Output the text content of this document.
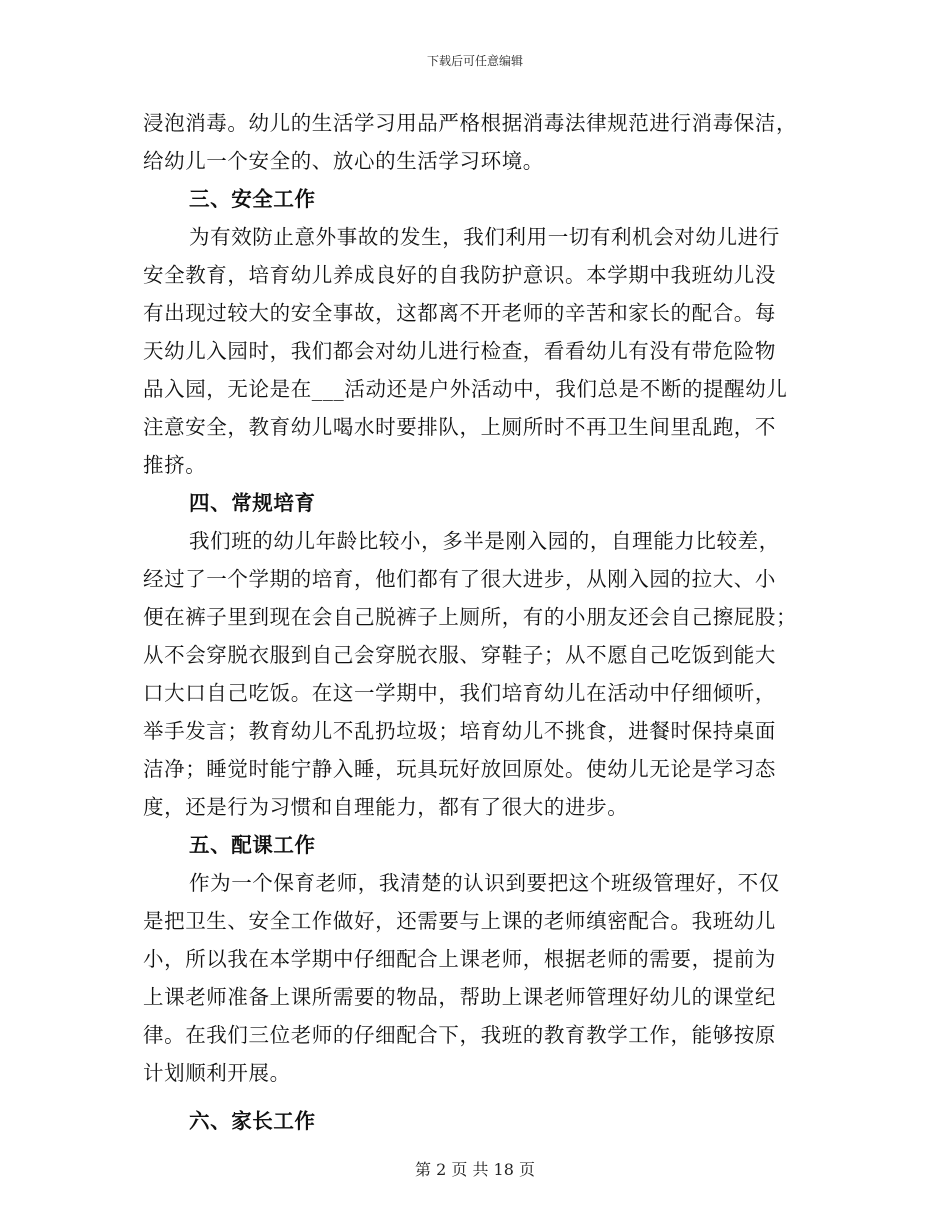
下载后可任意编辑
浸泡消毒。幼儿的生活学习用品严格根据消毒法律规范进行消毒保洁，
给幼儿一个安全的、放心的生活学习环境。
三、安全工作
为有效防止意外事故的发生，我们利用一切有利机会对幼儿进行
安全教育，培育幼儿养成良好的自我防护意识。本学期中我班幼儿没
有出现过较大的安全事故，这都离不开老师的辛苦和家长的配合。每
天幼儿入园时，我们都会对幼儿进行检查，看看幼儿有没有带危险物
品入园，无论是在___活动还是户外活动中，我们总是不断的提醒幼儿
注意安全，教育幼儿喝水时要排队，上厕所时不再卫生间里乱跑，不
推挤。
四、常规培育
我们班的幼儿年龄比较小，多半是刚入园的，自理能力比较差，
经过了一个学期的培育，他们都有了很大进步，从刚入园的拉大、小
便在裤子里到现在会自己脱裤子上厕所，有的小朋友还会自己擦屁股；
从不会穿脱衣服到自己会穿脱衣服、穿鞋子；从不愿自己吃饭到能大
口大口自己吃饭。在这一学期中，我们培育幼儿在活动中仔细倾听，
举手发言；教育幼儿不乱扔垃圾；培育幼儿不挑食，进餐时保持桌面
洁净；睡觉时能宁静入睡，玩具玩好放回原处。使幼儿无论是学习态
度，还是行为习惯和自理能力，都有了很大的进步。
五、配课工作
作为一个保育老师，我清楚的认识到要把这个班级管理好，不仅
是把卫生、安全工作做好，还需要与上课的老师缜密配合。我班幼儿
小，所以我在本学期中仔细配合上课老师，根据老师的需要，提前为
上课老师准备上课所需要的物品，帮助上课老师管理好幼儿的课堂纪
律。在我们三位老师的仔细配合下，我班的教育教学工作，能够按原
计划顺利开展。
六、家长工作
第 2 页 共 18 页
